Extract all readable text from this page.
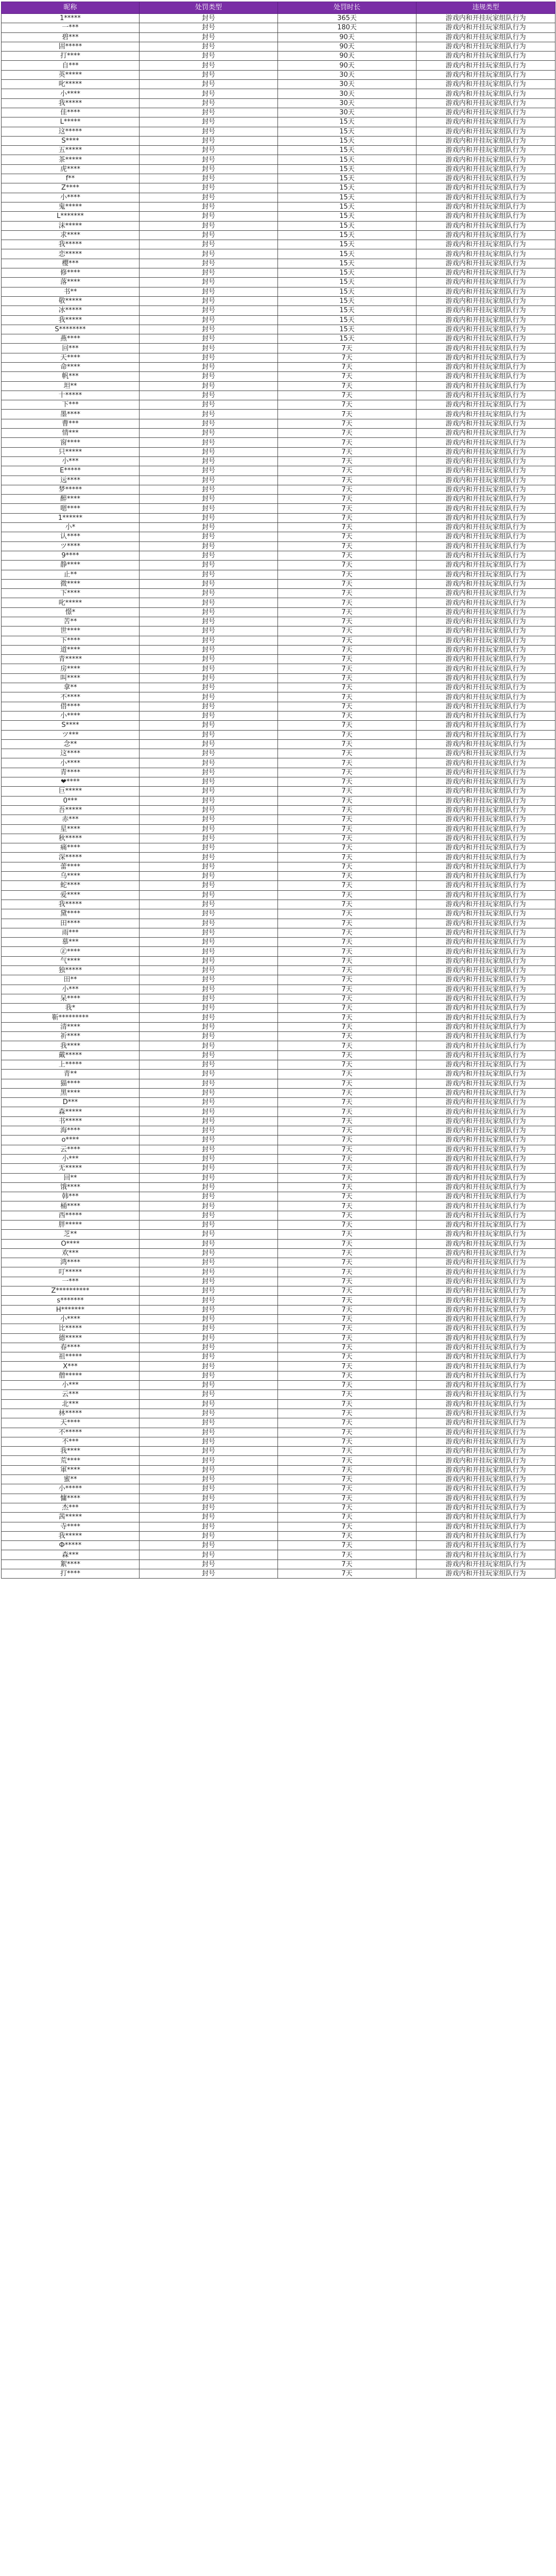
昵称	处罚类型	处罚时长	违规类型
1*****	封号	365天	游戏内和开挂玩家组队行为
一***	封号	180天	游戏内和开挂玩家组队行为
碧***	封号	90天	游戏内和开挂玩家组队行为
固*****	封号	90天	游戏内和开挂玩家组队行为
打****	封号	90天	游戏内和开挂玩家组队行为
自***	封号	90天	游戏内和开挂玩家组队行为
英*****	封号	30天	游戏内和开挂玩家组队行为
叱*****	封号	30天	游戏内和开挂玩家组队行为
小****	封号	30天	游戏内和开挂玩家组队行为
我*****	封号	30天	游戏内和开挂玩家组队行为
佳****	封号	30天	游戏内和开挂玩家组队行为
L*****	封号	15天	游戏内和开挂玩家组队行为
这*****	封号	15天	游戏内和开挂玩家组队行为
S****	封号	15天	游戏内和开挂玩家组队行为
五*****	封号	15天	游戏内和开挂玩家组队行为
茶*****	封号	15天	游戏内和开挂玩家组队行为
虎****	封号	15天	游戏内和开挂玩家组队行为
f**	封号	15天	游戏内和开挂玩家组队行为
Z****	封号	15天	游戏内和开挂玩家组队行为
小****	封号	15天	游戏内和开挂玩家组队行为
鬼*****	封号	15天	游戏内和开挂玩家组队行为
L*******	封号	15天	游戏内和开挂玩家组队行为
沫*****	封号	15天	游戏内和开挂玩家组队行为
求****	封号	15天	游戏内和开挂玩家组队行为
我*****	封号	15天	游戏内和开挂玩家组队行为
恋*****	封号	15天	游戏内和开挂玩家组队行为
樱***	封号	15天	游戏内和开挂玩家组队行为
修****	封号	15天	游戏内和开挂玩家组队行为
落****	封号	15天	游戏内和开挂玩家组队行为
书**	封号	15天	游戏内和开挂玩家组队行为
敬*****	封号	15天	游戏内和开挂玩家组队行为
冰*****	封号	15天	游戏内和开挂玩家组队行为
我*****	封号	15天	游戏内和开挂玩家组队行为
S********	封号	15天	游戏内和开挂玩家组队行为
燕****	封号	15天	游戏内和开挂玩家组队行为
回***	封号	7天	游戏内和开挂玩家组队行为
天****	封号	7天	游戏内和开挂玩家组队行为
命****	封号	7天	游戏内和开挂玩家组队行为
帆***	封号	7天	游戏内和开挂玩家组队行为
坦**	封号	7天	游戏内和开挂玩家组队行为
十*****	封号	7天	游戏内和开挂玩家组队行为
下***	封号	7天	游戏内和开挂玩家组队行为
墨****	封号	7天	游戏内和开挂玩家组队行为
曹***	封号	7天	游戏内和开挂玩家组队行为
情***	封号	7天	游戏内和开挂玩家组队行为
窗****	封号	7天	游戏内和开挂玩家组队行为
只*****	封号	7天	游戏内和开挂玩家组队行为
小***	封号	7天	游戏内和开挂玩家组队行为
E*****	封号	7天	游戏内和开挂玩家组队行为
远****	封号	7天	游戏内和开挂玩家组队行为
梦*****	封号	7天	游戏内和开挂玩家组队行为
醉****	封号	7天	游戏内和开挂玩家组队行为
嗯****	封号	7天	游戏内和开挂玩家组队行为
1******	封号	7天	游戏内和开挂玩家组队行为
小*	封号	7天	游戏内和开挂玩家组队行为
认****	封号	7天	游戏内和开挂玩家组队行为
ツ****	封号	7天	游戏内和开挂玩家组队行为
9****	封号	7天	游戏内和开挂玩家组队行为
静****	封号	7天	游戏内和开挂玩家组队行为
止**	封号	7天	游戏内和开挂玩家组队行为
微****	封号	7天	游戏内和开挂玩家组队行为
下****	封号	7天	游戏内和开挂玩家组队行为
叱*****	封号	7天	游戏内和开挂玩家组队行为
憬*	封号	7天	游戏内和开挂玩家组队行为
苦**	封号	7天	游戏内和开挂玩家组队行为
世****	封号	7天	游戏内和开挂玩家组队行为
下****	封号	7天	游戏内和开挂玩家组队行为
道****	封号	7天	游戏内和开挂玩家组队行为
青*****	封号	7天	游戏内和开挂玩家组队行为
房****	封号	7天	游戏内和开挂玩家组队行为
叫****	封号	7天	游戏内和开挂玩家组队行为
拿**	封号	7天	游戏内和开挂玩家组队行为
不****	封号	7天	游戏内和开挂玩家组队行为
借****	封号	7天	游戏内和开挂玩家组队行为
小****	封号	7天	游戏内和开挂玩家组队行为
S****	封号	7天	游戏内和开挂玩家组队行为
ツ***	封号	7天	游戏内和开挂玩家组队行为
念**	封号	7天	游戏内和开挂玩家组队行为
这****	封号	7天	游戏内和开挂玩家组队行为
小****	封号	7天	游戏内和开挂玩家组队行为
青****	封号	7天	游戏内和开挂玩家组队行为
❤****	封号	7天	游戏内和开挂玩家组队行为
巨*****	封号	7天	游戏内和开挂玩家组队行为
0***	封号	7天	游戏内和开挂玩家组队行为
吾*****	封号	7天	游戏内和开挂玩家组队行为
赤***	封号	7天	游戏内和开挂玩家组队行为
星****	封号	7天	游戏内和开挂玩家组队行为
秋*****	封号	7天	游戏内和开挂玩家组队行为
痛****	封号	7天	游戏内和开挂玩家组队行为
深*****	封号	7天	游戏内和开挂玩家组队行为
蕾****	封号	7天	游戏内和开挂玩家组队行为
乌****	封号	7天	游戏内和开挂玩家组队行为
蛇****	封号	7天	游戏内和开挂玩家组队行为
爱****	封号	7天	游戏内和开挂玩家组队行为
我*****	封号	7天	游戏内和开挂玩家组队行为
黛****	封号	7天	游戏内和开挂玩家组队行为
田****	封号	7天	游戏内和开挂玩家组队行为
雨***	封号	7天	游戏内和开挂玩家组队行为
慕***	封号	7天	游戏内和开挂玩家组队行为
㊣****	封号	7天	游戏内和开挂玩家组队行为
气****	封号	7天	游戏内和开挂玩家组队行为
独*****	封号	7天	游戏内和开挂玩家组队行为
田**	封号	7天	游戏内和开挂玩家组队行为
小***	封号	7天	游戏内和开挂玩家组队行为
呆****	封号	7天	游戏内和开挂玩家组队行为
我*	封号	7天	游戏内和开挂玩家组队行为
靳*********	封号	7天	游戏内和开挂玩家组队行为
清****	封号	7天	游戏内和开挂玩家组队行为
祈****	封号	7天	游戏内和开挂玩家组队行为
我****	封号	7天	游戏内和开挂玩家组队行为
戴*****	封号	7天	游戏内和开挂玩家组队行为
上*****	封号	7天	游戏内和开挂玩家组队行为
青**	封号	7天	游戏内和开挂玩家组队行为
猫****	封号	7天	游戏内和开挂玩家组队行为
黑****	封号	7天	游戏内和开挂玩家组队行为
D***	封号	7天	游戏内和开挂玩家组队行为
森*****	封号	7天	游戏内和开挂玩家组队行为
书*****	封号	7天	游戏内和开挂玩家组队行为
海****	封号	7天	游戏内和开挂玩家组队行为
o****	封号	7天	游戏内和开挂玩家组队行为
云****	封号	7天	游戏内和开挂玩家组队行为
小***	封号	7天	游戏内和开挂玩家组队行为
无*****	封号	7天	游戏内和开挂玩家组队行为
回**	封号	7天	游戏内和开挂玩家组队行为
饿****	封号	7天	游戏内和开挂玩家组队行为
韩***	封号	7天	游戏内和开挂玩家组队行为
桶****	封号	7天	游戏内和开挂玩家组队行为
西*****	封号	7天	游戏内和开挂玩家组队行为
胖*****	封号	7天	游戏内和开挂玩家组队行为
芝**	封号	7天	游戏内和开挂玩家组队行为
Ο****	封号	7天	游戏内和开挂玩家组队行为
欢***	封号	7天	游戏内和开挂玩家组队行为
鸿****	封号	7天	游戏内和开挂玩家组队行为
叮*****	封号	7天	游戏内和开挂玩家组队行为
一***	封号	7天	游戏内和开挂玩家组队行为
Z**********	封号	7天	游戏内和开挂玩家组队行为
s*******	封号	7天	游戏内和开挂玩家组队行为
H*******	封号	7天	游戏内和开挂玩家组队行为
小****	封号	7天	游戏内和开挂玩家组队行为
比*****	封号	7天	游戏内和开挂玩家组队行为
德*****	封号	7天	游戏内和开挂玩家组队行为
春****	封号	7天	游戏内和开挂玩家组队行为
祖*****	封号	7天	游戏内和开挂玩家组队行为
X***	封号	7天	游戏内和开挂玩家组队行为
僧*****	封号	7天	游戏内和开挂玩家组队行为
小***	封号	7天	游戏内和开挂玩家组队行为
云***	封号	7天	游戏内和开挂玩家组队行为
北***	封号	7天	游戏内和开挂玩家组队行为
林*****	封号	7天	游戏内和开挂玩家组队行为
天****	封号	7天	游戏内和开挂玩家组队行为
不*****	封号	7天	游戏内和开挂玩家组队行为
不***	封号	7天	游戏内和开挂玩家组队行为
我****	封号	7天	游戏内和开挂玩家组队行为
荒****	封号	7天	游戏内和开挂玩家组队行为
軍****	封号	7天	游戏内和开挂玩家组队行为
蜜**	封号	7天	游戏内和开挂玩家组队行为
小*****	封号	7天	游戏内和开挂玩家组队行为
慵****	封号	7天	游戏内和开挂玩家组队行为
杰***	封号	7天	游戏内和开挂玩家组队行为
茜*****	封号	7天	游戏内和开挂玩家组队行为
寺****	封号	7天	游戏内和开挂玩家组队行为
我*****	封号	7天	游戏内和开挂玩家组队行为
Ф*****	封号	7天	游戏内和开挂玩家组队行为
森***	封号	7天	游戏内和开挂玩家组队行为
絮****	封号	7天	游戏内和开挂玩家组队行为
打****	封号	7天	游戏内和开挂玩家组队行为
